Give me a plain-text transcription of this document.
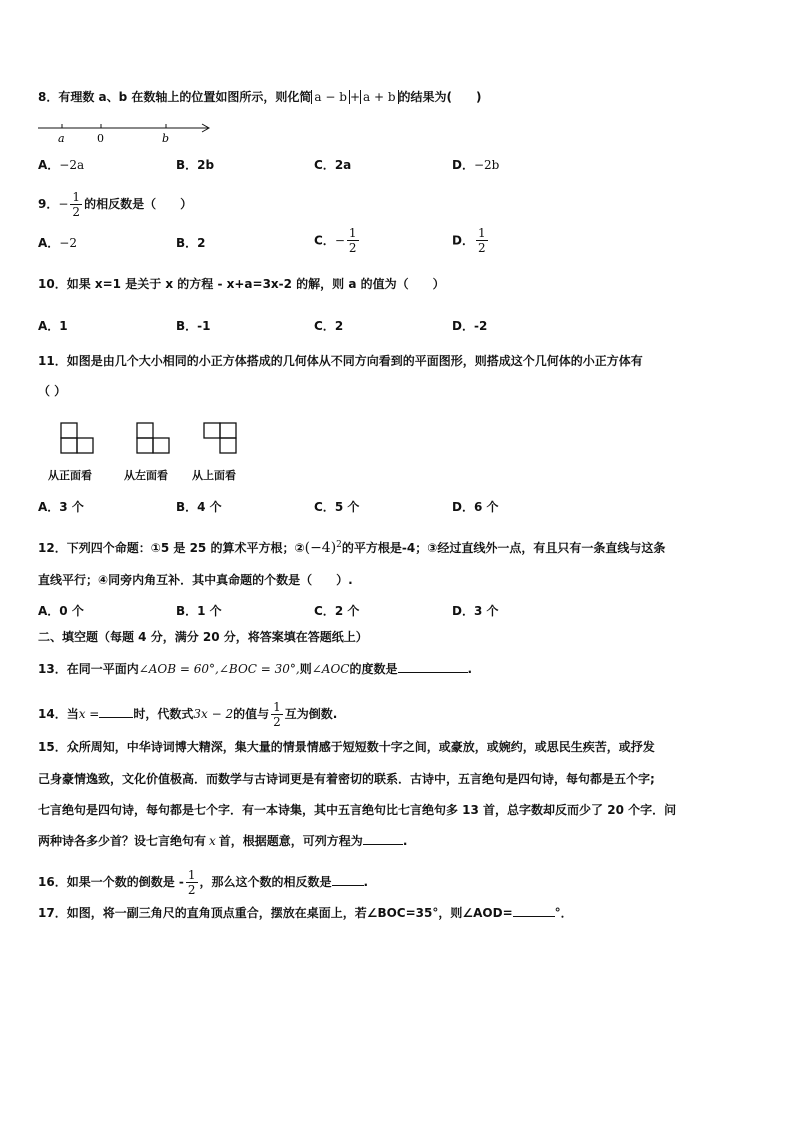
8．有理数 a、b 在数轴上的位置如图所示，则化简 a − b + a + b 的结果为(　　)
a	0	b
A．−2a	B．2b	C．2a	D．−2b
9．− $\frac{1}{2}$ 的相反数是（　　）
A．−2	B．2	C．− $\frac{1}{2}$	D． $\frac{1}{2}$
10．如果 x=1 是关于 x 的方程 - x+a=3x-2 的解，则 a 的值为（　　）
A．1	B．-1	C．2	D．-2
11．如图是由几个大小相同的小正方体搭成的几何体从不同方向看到的平面图形，则搭成这个几何体的小正方体有
（ ）
从正面看	从左面看 从上面看
A．3 个	B．4 个	C．5 个	D．6 个
12．下列四个命题：①5 是 25 的算术平方根；$②(-4)^2$的平方根是-4；③经过直线外一点，有且只有一条直线与这条
直线平行；④同旁内角互补．其中真命题的个数是（　　）.
A．0 个	B．1 个	C．2 个	D．3 个
二、填空题（每题 4 分，满分 20 分，将答案填在答题纸上）
13．在同一平面内∠AOB = 60°,∠BOC = 30°,则∠AOC的度数是	.
14．当x =	时，代数式3x − 2的值与 $\frac{1}{2}$ 互为倒数.
15．众所周知，中华诗词博大精深，集大量的情景情感于短短数十字之间，或豪放，或婉约，或思民生疾苦，或抒发
己身豪情逸致，文化价值极高．而数学与古诗词更是有着密切的联系．古诗中，五言绝句是四句诗，每句都是五个字;
七言绝句是四句诗，每句都是七个字．有一本诗集，其中五言绝句比七言绝句多 13 首，总字数却反而少了 20 个字．问
两种诗各多少首？设七言绝句有 x 首，根据题意，可列方程为	.
16．如果一个数的倒数是 - $\frac{1}{2}$ ，那么这个数的相反数是	.
17．如图，将一副三角尺的直角顶点重合，摆放在桌面上，若∠BOC=35°，则∠AOD=	°．
